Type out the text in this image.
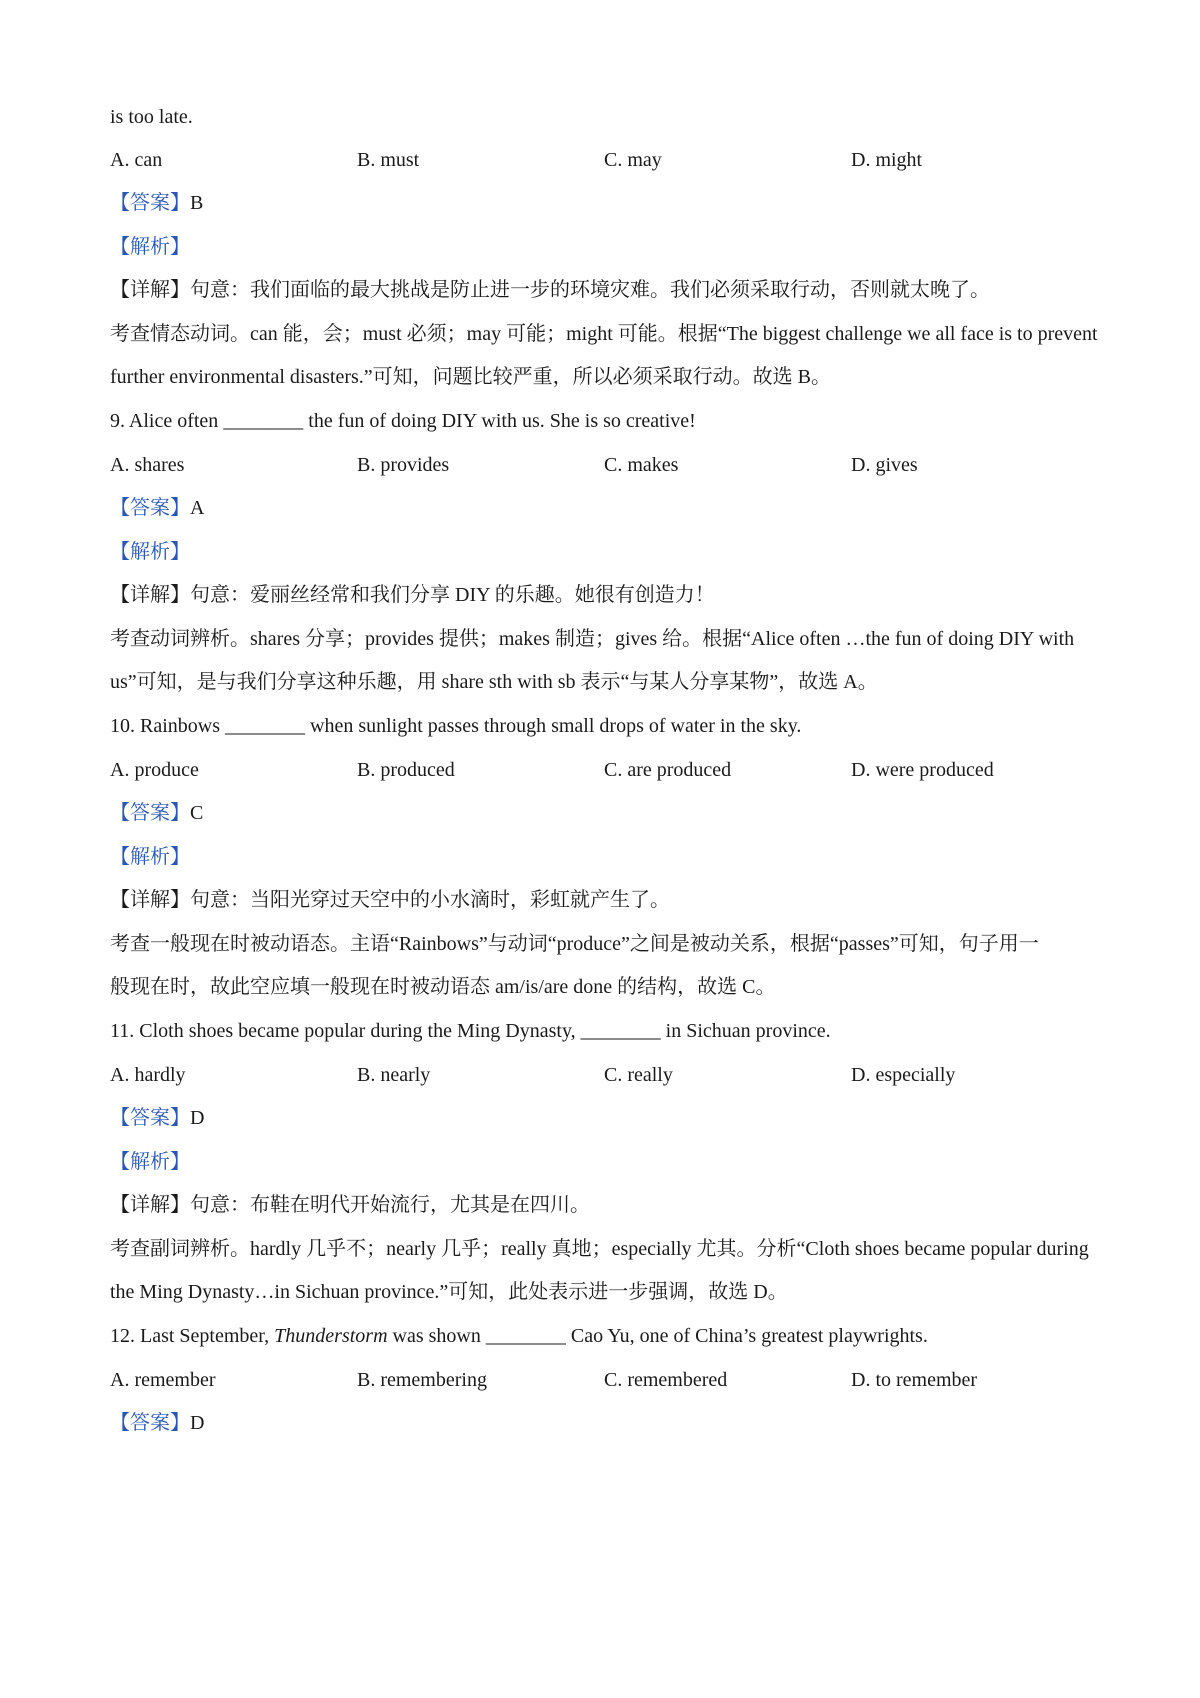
is too late.
A. can	B. must	C. may	D. might
【答案】B
【解析】
【详解】句意：我们面临的最大挑战是防止进一步的环境灾难。我们必须采取行动，否则就太晚了。
考查情态动词。can 能，会；must 必须；may 可能；might 可能。根据“The biggest challenge we all face is to prevent
further environmental disasters.”可知，问题比较严重，所以必须采取行动。故选 B。
9. Alice often ________ the fun of doing DIY with us. She is so creative!
A. shares	B. provides	C. makes	D. gives
【答案】A
【解析】
【详解】句意：爱丽丝经常和我们分享 DIY 的乐趣。她很有创造力！
考查动词辨析。shares 分享；provides 提供；makes 制造；gives 给。根据“Alice often …the fun of doing DIY with
us”可知，是与我们分享这种乐趣，用 share sth with sb 表示“与某人分享某物”，故选 A。
10. Rainbows ________ when sunlight passes through small drops of water in the sky.
A. produce	B. produced	C. are produced	D. were produced
【答案】C
【解析】
【详解】句意：当阳光穿过天空中的小水滴时，彩虹就产生了。
考查一般现在时被动语态。主语“Rainbows”与动词“produce”之间是被动关系，根据“passes”可知，句子用一
般现在时，故此空应填一般现在时被动语态 am/is/are done 的结构，故选 C。
11. Cloth shoes became popular during the Ming Dynasty, ________ in Sichuan province.
A. hardly	B. nearly	C. really	D. especially
【答案】D
【解析】
【详解】句意：布鞋在明代开始流行，尤其是在四川。
考查副词辨析。hardly 几乎不；nearly 几乎；really 真地；especially 尤其。分析“Cloth shoes became popular during
the Ming Dynasty…in Sichuan province.”可知，此处表示进一步强调，故选 D。
12. Last September, Thunderstorm was shown ________ Cao Yu, one of China’s greatest playwrights.
A. remember	B. remembering	C. remembered	D. to remember
【答案】D
